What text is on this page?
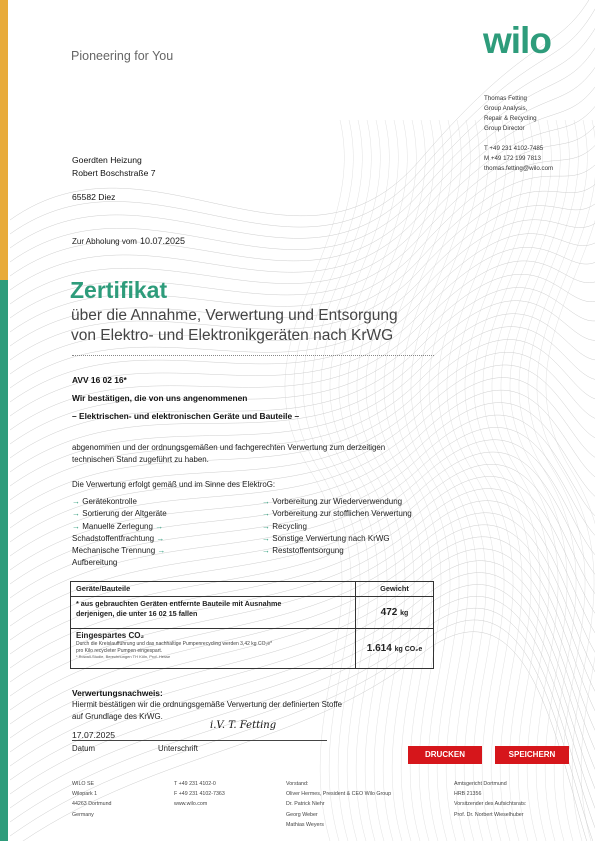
Pioneering for You	wilo
Thomas Fetting
Group Analysis,
Repair & Recycling
Group Director
T +49 231 4102-7485
M +49 172 199 7813
thomas.fetting@wilo.com
Goerdten Heizung
Robert Boschstraße 7
65582 Diez
Zur Abholung vom 10.07.2025
Zertifikat
über die Annahme, Verwertung und Entsorgung
von Elektro- und Elektronikgeräten nach KrWG
AVV 16 02 16*
Wir bestätigen, die von uns angenommenen
– Elektrischen- und elektronischen Geräte und Bauteile –
abgenommen und der ordnungsgemäßen und fachgerechten Verwertung zum derzeitigen
technischen Stand zugeführt zu haben.
Die Verwertung erfolgt gemäß und im Sinne des ElektroG:
→ Gerätekontrolle
→ Sortierung der Altgeräte
→ Manuelle Zerlegung →
Schadstoffentfrachtung →
Mechanische Trennung →
Aufbereitung
→ Vorbereitung zur Wiederverwendung
→ Vorbereitung zur stofflichen Verwertung
→ Recycling
→ Sonstige Verwertung nach KrWG
→ Reststoffentsorgung
Geräte/Bauteile	Gewicht

* aus gebrauchten Geräten entfernte Bauteile mit Ausnahme
derjenigen, die unter 16 02 15 fallen	472 kg

Eingespartes CO₂
Durch die Kreislaufführung und das nachhaltige Pumpenrecycling werden 3,42 kg CO₂e*
pro Kilo recycleter Pumpen eingespart.
* Rowall-Studie, Berechnungen TH Köln, Prof. Hesse	1.614 kg CO₂e
Verwertungsnachweis:
Hiermit bestätigen wir die ordnungsgemäße Verwertung der definierten Stoffe
auf Grundlage des KrWG.
i.V. T. Fetting
17.07.2025
Datum	Unterschrift
DRUCKEN	SPEICHERN
WILO SE
Wilopark 1
44263 Dortmund
Germany
T +49 231 4102-0
F +49 231 4102-7363
www.wilo.com
Vorstand:
Oliver Hermes, President & CEO Wilo Group
Dr. Patrick Niehr
Georg Weber
Mathias Weyers
Amtsgericht Dortmund
HRB 21356
Vorsitzender des Aufsichtsrats:
Prof. Dr. Norbert Wieselhuber
